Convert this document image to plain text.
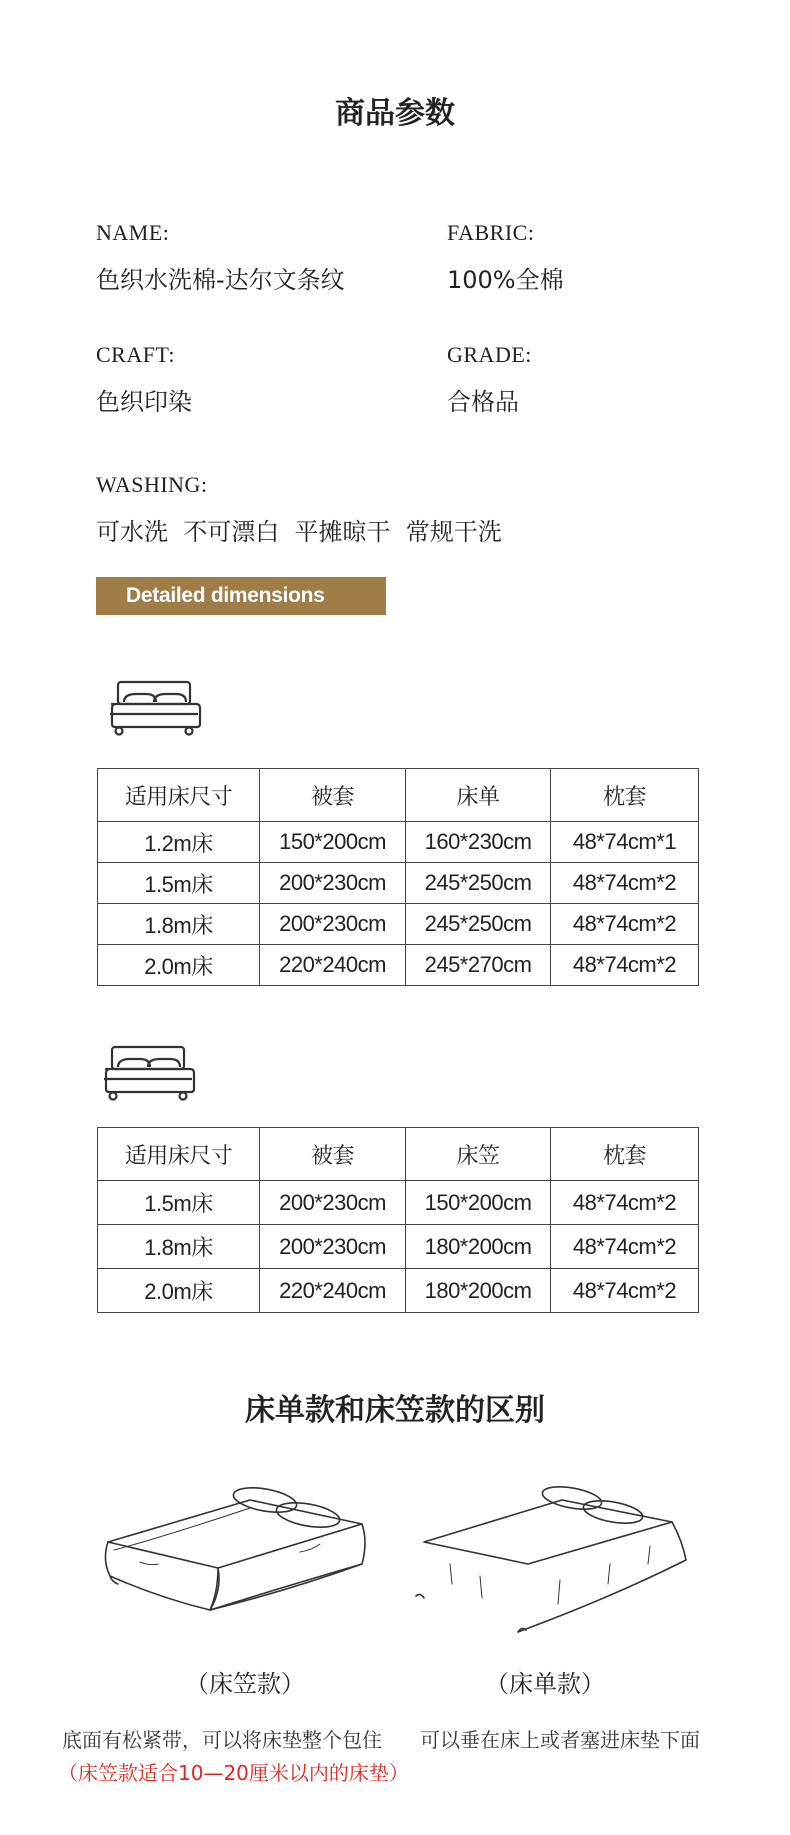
商品参数
NAME:
色织水洗棉-达尔文条纹
FABRIC:
100%全棉
CRAFT:
色织印染
GRADE:
合格品
WASHING:
可水洗  不可漂白  平摊晾干  常规干洗
Detailed dimensions
适用床尺寸	被套	床单	枕套
1.2m床	150*200cm	160*230cm	48*74cm*1
1.5m床	200*230cm	245*250cm	48*74cm*2
1.8m床	200*230cm	245*250cm	48*74cm*2
2.0m床	220*240cm	245*270cm	48*74cm*2
适用床尺寸	被套	床笠	枕套
1.5m床	200*230cm	150*200cm	48*74cm*2
1.8m床	200*230cm	180*200cm	48*74cm*2
2.0m床	220*240cm	180*200cm	48*74cm*2
床单款和床笠款的区别
（床笠款）	（床单款）
底面有松紧带，可以将床垫整个包住 可以垂在床上或者塞进床垫下面
（床笠款适合10—20厘米以内的床垫）
